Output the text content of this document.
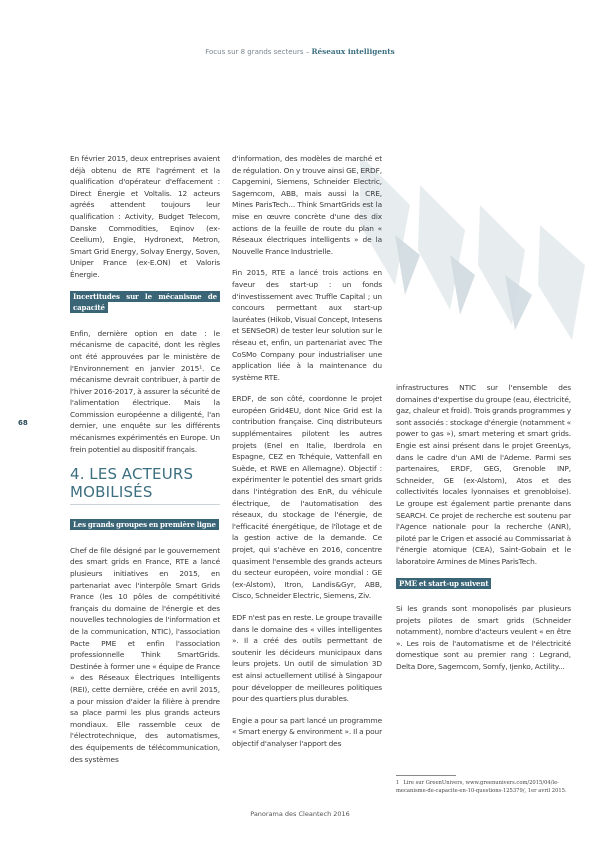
Focus sur 8 grands secteurs – Réseaux intelligents
68

En février 2015, deux entreprises avaient déjà obtenu de RTE l'agrément et la qualification d'opérateur d'effacement : Direct Énergie et Voltalis. 12 acteurs agréés attendent toujours leur qualification : Activity, Budget Telecom, Danske Commodities, Eqinov (ex-Ceelium), Engie, Hydronext, Metron, Smart Grid Energy, Solvay Energy, Soven, Uniper France (ex-E.ON) et Valoris Énergie.

Incertitudes sur le mécanisme de capacité

Enfin, dernière option en date : le mécanisme de capacité, dont les règles ont été approuvées par le ministère de l'Environnement en janvier 2015¹. Ce mécanisme devrait contribuer, à partir de l'hiver 2016-2017, à assurer la sécurité de l'alimentation électrique. Mais la Commission européenne a diligenté, l'an dernier, une enquête sur les différents mécanismes expérimentés en Europe. Un frein potentiel au dispositif français.

4. LES ACTEURS MOBILISÉS

Les grands groupes en première ligne

Chef de file désigné par le gouvernement des smart grids en France, RTE a lancé plusieurs initiatives en 2015, en partenariat avec l'interpôle Smart Grids France (les 10 pôles de compétitivité français du domaine de l'énergie et des nouvelles technologies de l'information et de la communication, NTIC), l'association Pacte PME et enfin l'association professionnelle Think SmartGrids. Destinée à former une « équipe de France » des Réseaux Électriques Intelligents (REI), cette dernière, créée en avril 2015, a pour mission d'aider la filière à prendre sa place parmi les plus grands acteurs mondiaux. Elle rassemble ceux de l'électrotechnique, des automatismes, des équipements de télécommunication, des systèmes

d'information, des modèles de marché et de régulation. On y trouve ainsi GE, ERDF, Capgemini, Siemens, Schneider Electric, Sagemcom, ABB, mais aussi la CRE, Mines ParisTech... Think SmartGrids est la mise en œuvre concrète d'une des dix actions de la feuille de route du plan « Réseaux électriques intelligents » de la Nouvelle France Industrielle.

Fin 2015, RTE a lancé trois actions en faveur des start-up : un fonds d'investissement avec Truffle Capital ; un concours permettant aux start-up lauréates (Hikob, Visual Concept, Intesens et SENSeOR) de tester leur solution sur le réseau et, enfin, un partenariat avec The CoSMo Company pour industrialiser une application liée à la maintenance du système RTE.

ERDF, de son côté, coordonne le projet européen Grid4EU, dont Nice Grid est la contribution française. Cinq distributeurs supplémentaires pilotent les autres projets (Enel en Italie, Iberdrola en Espagne, CEZ en Tchéquie, Vattenfall en Suède, et RWE en Allemagne). Objectif : expérimenter le potentiel des smart grids dans l'intégration des EnR, du véhicule électrique, de l'automatisation des réseaux, du stockage de l'énergie, de l'efficacité énergétique, de l'îlotage et de la gestion active de la demande. Ce projet, qui s'achève en 2016, concentre quasiment l'ensemble des grands acteurs du secteur européen, voire mondial : GE (ex-Alstom), Itron, Landis&Gyr, ABB, Cisco, Schneider Electric, Siemens, Ziv.

EDF n'est pas en reste. Le groupe travaille dans le domaine des « villes intelligentes ». Il a créé des outils permettant de soutenir les décideurs municipaux dans leurs projets. Un outil de simulation 3D est ainsi actuellement utilisé à Singapour pour développer de meilleures politiques pour des quartiers plus durables.

Engie a pour sa part lancé un programme « Smart energy & environment ». Il a pour objectif d'analyser l'apport des

infrastructures NTIC sur l'ensemble des domaines d'expertise du groupe (eau, électricité, gaz, chaleur et froid). Trois grands programmes y sont associés : stockage d'énergie (notamment « power to gas »), smart metering et smart grids. Engie est ainsi présent dans le projet GreenLys, dans le cadre d'un AMI de l'Ademe. Parmi ses partenaires, ERDF, GEG, Grenoble INP, Schneider, GE (ex-Alstom), Atos et des collectivités locales lyonnaises et grenobloise). Le groupe est également partie prenante dans SEARCH. Ce projet de recherche est soutenu par l'Agence nationale pour la recherche (ANR), piloté par le Crigen et associé au Commissariat à l'énergie atomique (CEA), Saint-Gobain et le laboratoire Armines de Mines ParisTech.

PME et start-up suivent

Si les grands sont monopolisés par plusieurs projets pilotes de smart grids (Schneider notamment), nombre d'acteurs veulent « en être ». Les rois de l'automatisme et de l'électricité domestique sont au premier rang : Legrand, Delta Dore, Sagemcom, Somfy, Ijenko, Actility...

1 Lire sur GreenUnivers, www.greenunivers.com/2015/04/le-mecanisme-de-capacite-en-10-questions-125379/, 1er avril 2015.
Panorama des Cleantech 2016
